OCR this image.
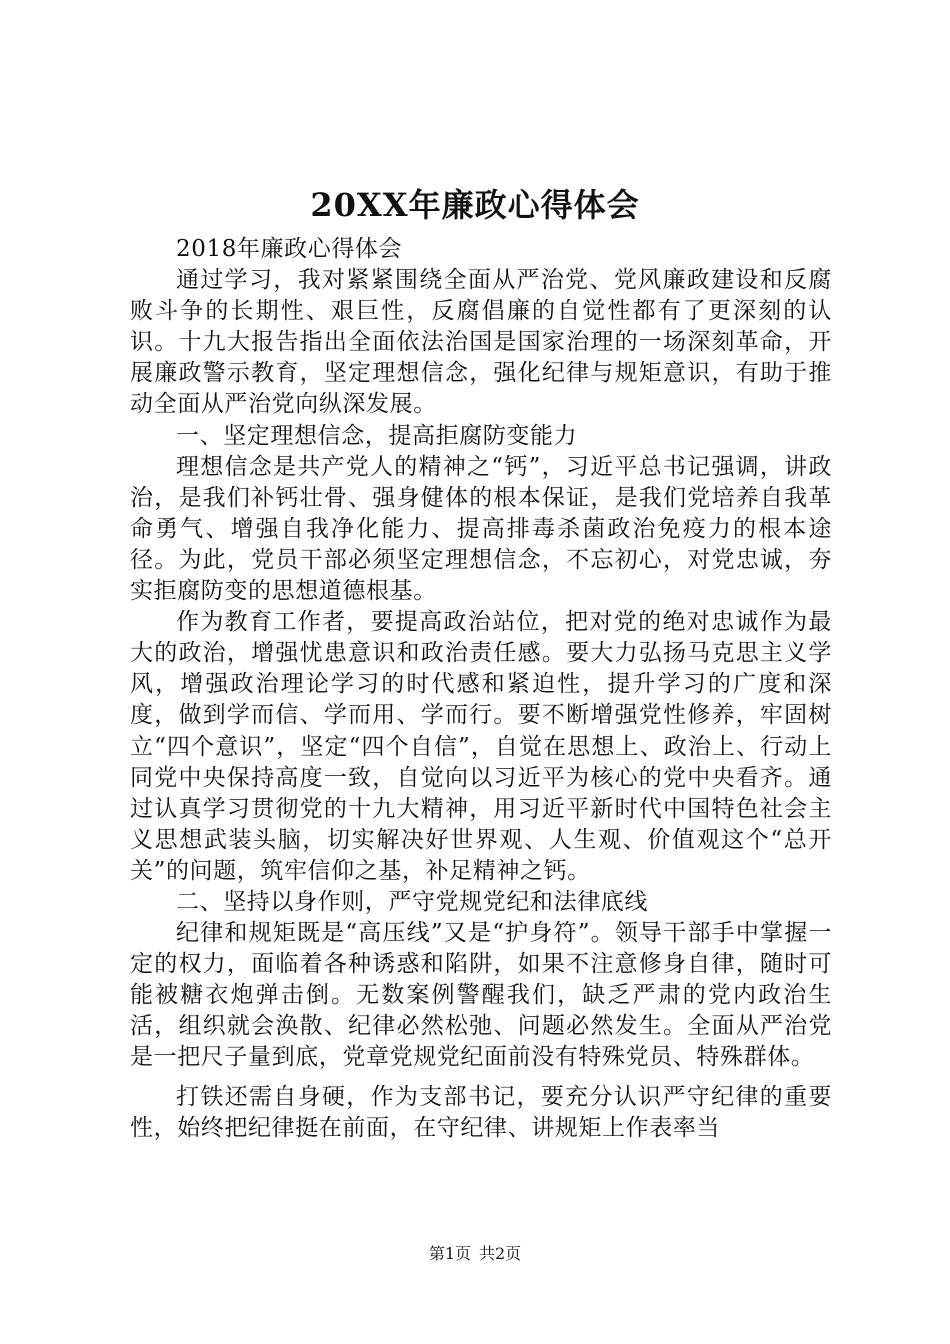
20XX年廉政心得体会

2018年廉政心得体会

通过学习，我对紧紧围绕全面从严治党、党风廉政建设和反腐败斗争的长期性、艰巨性，反腐倡廉的自觉性都有了更深刻的认识。十九大报告指出全面依法治国是国家治理的一场深刻革命，开展廉政警示教育，坚定理想信念，强化纪律与规矩意识，有助于推动全面从严治党向纵深发展。

一、坚定理想信念，提高拒腐防变能力

理想信念是共产党人的精神之“钙”，习近平总书记强调，讲政治，是我们补钙壮骨、强身健体的根本保证，是我们党培养自我革命勇气、增强自我净化能力、提高排毒杀菌政治免疫力的根本途径。为此，党员干部必须坚定理想信念，不忘初心，对党忠诚，夯实拒腐防变的思想道德根基。

作为教育工作者，要提高政治站位，把对党的绝对忠诚作为最大的政治，增强忧患意识和政治责任感。要大力弘扬马克思主义学风，增强政治理论学习的时代感和紧迫性，提升学习的广度和深度，做到学而信、学而用、学而行。要不断增强党性修养，牢固树立“四个意识”，坚定“四个自信”，自觉在思想上、政治上、行动上同党中央保持高度一致，自觉向以习近平为核心的党中央看齐。通过认真学习贯彻党的十九大精神，用习近平新时代中国特色社会主义思想武装头脑，切实解决好世界观、人生观、价值观这个“总开关”的问题，筑牢信仰之基，补足精神之钙。

二、坚持以身作则，严守党规党纪和法律底线

纪律和规矩既是“高压线”又是“护身符”。领导干部手中掌握一定的权力，面临着各种诱惑和陷阱，如果不注意修身自律，随时可能被糖衣炮弹击倒。无数案例警醒我们，缺乏严肃的党内政治生活，组织就会涣散、纪律必然松弛、问题必然发生。全面从严治党是一把尺子量到底，党章党规党纪面前没有特殊党员、特殊群体。

打铁还需自身硬，作为支部书记，要充分认识严守纪律的重要性，始终把纪律挺在前面，在守纪律、讲规矩上作表率当

第1页 共2页
